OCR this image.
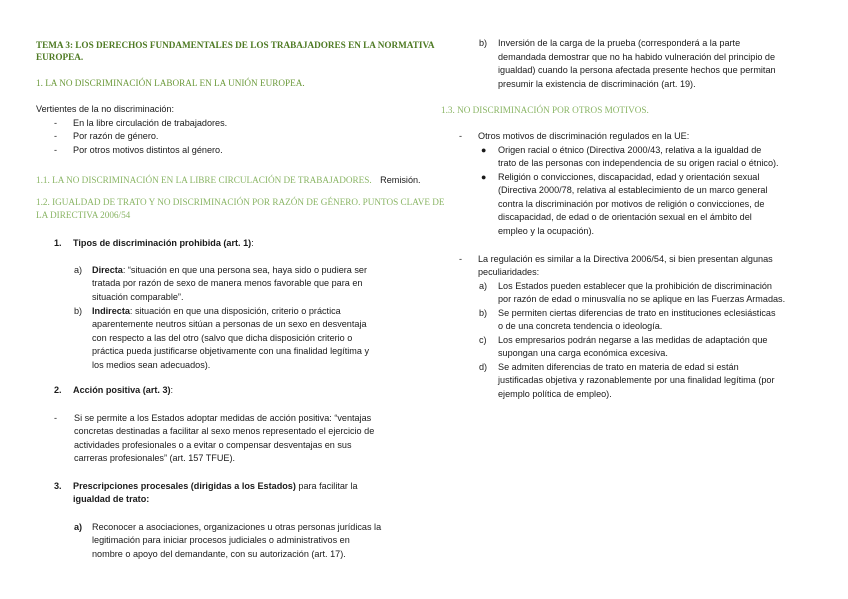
TEMA 3: LOS DERECHOS FUNDAMENTALES DE LOS TRABAJADORES EN LA NORMATIVA
EUROPEA.
1. LA NO DISCRIMINACIÓN LABORAL EN LA UNIÓN EUROPEA.
Vertientes de la no discriminación:
- En la libre circulación de trabajadores.
- Por razón de género.
- Por otros motivos distintos al género.
1.1. LA NO DISCRIMINACIÓN EN LA LIBRE CIRCULACIÓN DE TRABAJADORES. Remisión.
1.2. IGUALDAD DE TRATO Y NO DISCRIMINACIÓN POR RAZÓN DE GÉNERO. PUNTOS CLAVE DE
LA DIRECTIVA 2006/54
1. Tipos de discriminación prohibida (art. 1):
a) Directa: “situación en que una persona sea, haya sido o pudiera ser
tratada por razón de sexo de manera menos favorable que para en
situación comparable”.
b) Indirecta: situación en que una disposición, criterio o práctica
aparentemente neutros sitúan a personas de un sexo en desventaja
con respecto a las del otro (salvo que dicha disposición criterio o
práctica pueda justificarse objetivamente con una finalidad legítima y
los medios sean adecuados).
2. Acción positiva (art. 3):
- Si se permite a los Estados adoptar medidas de acción positiva: “ventajas
concretas destinadas a facilitar al sexo menos representado el ejercicio de
actividades profesionales o a evitar o compensar desventajas en sus
carreras profesionales” (art. 157 TFUE).
3. Prescripciones procesales (dirigidas a los Estados) para facilitar la
igualdad de trato:
a) Reconocer a asociaciones, organizaciones u otras personas jurídicas la
legitimación para iniciar procesos judiciales o administrativos en
nombre o apoyo del demandante, con su autorización (art. 17).
b) Inversión de la carga de la prueba (corresponderá a la parte
demandada demostrar que no ha habido vulneración del principio de
igualdad) cuando la persona afectada presente hechos que permitan
presumir la existencia de discriminación (art. 19).
1.3. NO DISCRIMINACIÓN POR OTROS MOTIVOS.
- Otros motivos de discriminación regulados en la UE:
● Origen racial o étnico (Directiva 2000/43, relativa a la igualdad de
trato de las personas con independencia de su origen racial o étnico).
● Religión o convicciones, discapacidad, edad y orientación sexual
(Directiva 2000/78, relativa al establecimiento de un marco general
contra la discriminación por motivos de religión o convicciones, de
discapacidad, de edad o de orientación sexual en el ámbito del
empleo y la ocupación).
- La regulación es similar a la Directiva 2006/54, si bien presentan algunas
peculiaridades:
a) Los Estados pueden establecer que la prohibición de discriminación
por razón de edad o minusvalía no se aplique en las Fuerzas Armadas.
b) Se permiten ciertas diferencias de trato en instituciones eclesiásticas
o de una concreta tendencia o ideología.
c) Los empresarios podrán negarse a las medidas de adaptación que
supongan una carga económica excesiva.
d) Se admiten diferencias de trato en materia de edad si están
justificadas objetiva y razonablemente por una finalidad legítima (por
ejemplo política de empleo).
